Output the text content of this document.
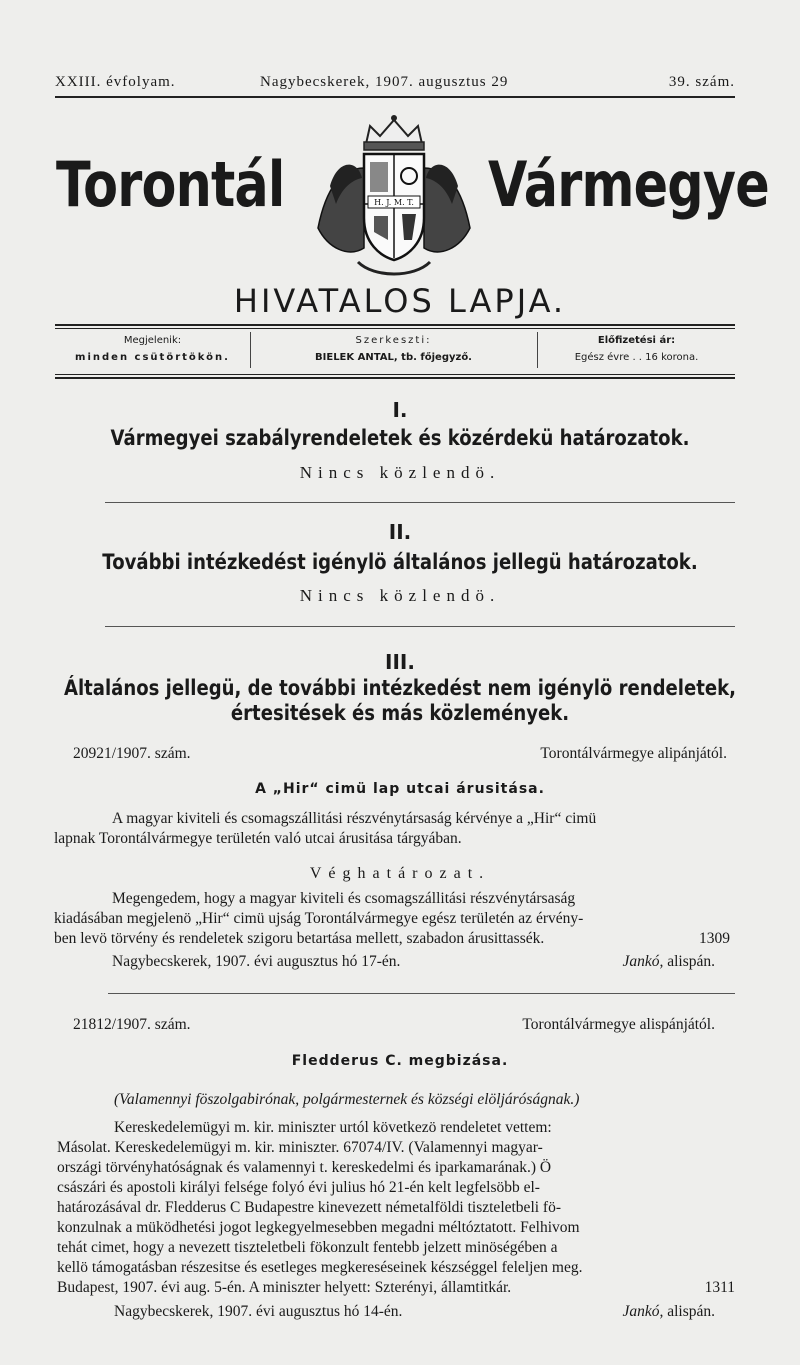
XXIII. évfolyam.	Nagybecskerek, 1907. augusztus 29	39. szám.
Torontál	Vármegye
H. J. M. T.
HIVATALOS LAPJA.
Megjelenik:
minden csütörtökön.
Szerkeszti:
BIELEK ANTAL, tb. főjegyző.
Előfizetési ár:
Egész évre . . 16 korona.
I.
Vármegyei szabályrendeletek és közérdekü határozatok.
Nincs közlendö.
II.
További intézkedést igénylö általános jellegü határozatok.
Nincs közlendö.
III.
Általános jellegü, de további intézkedést nem igénylö rendeletek,
értesitések és más közlemények.
20921/1907. szám.	Torontálvármegye alipánjától.
A „Hir“ cimü lap utcai árusitása.
A magyar kiviteli és csomagszállitási részvénytársaság kérvénye a „Hir“ cimü
lapnak Torontálvármegye területén való utcai árusitása tárgyában.
Véghatározat.
Megengedem, hogy a magyar kiviteli és csomagszállitási részvénytársaság
kiadásában megjelenö „Hir“ cimü ujság Torontálvármegye egész területén az érvény-
ben levö törvény és rendeletek szigoru betartása mellett, szabadon árusittassék.	1309
Nagybecskerek, 1907. évi augusztus hó 17-én.	Jankó, alispán.
21812/1907. szám.	Torontálvármegye alispánjától.
Fledderus C. megbizása.
(Valamennyi föszolgabirónak, polgármesternek és községi elöljáróságnak.)
Kereskedelemügyi m. kir. miniszter urtól következö rendeletet vettem:
Másolat. Kereskedelemügyi m. kir. miniszter. 67074/IV. (Valamennyi magyar-
országi törvényhatóságnak és valamennyi t. kereskedelmi és iparkamarának.) Ö
császári és apostoli királyi felsége folyó évi julius hó 21-én kelt legfelsöbb el-
határozásával dr. Fledderus C Budapestre kinevezett németalföldi tiszteletbeli fö-
konzulnak a müködhetési jogot legkegyelmesebben megadni méltóztatott. Felhivom
tehát cimet, hogy a nevezett tiszteletbeli fökonzult fentebb jelzett minöségében a
kellö támogatásban részesitse és esetleges megkereséseinek készséggel feleljen meg.
Budapest, 1907. évi aug. 5-én. A miniszter helyett: Szterényi, államtitkár.	1311
Nagybecskerek, 1907. évi augusztus hó 14-én.	Jankó, alispán.
